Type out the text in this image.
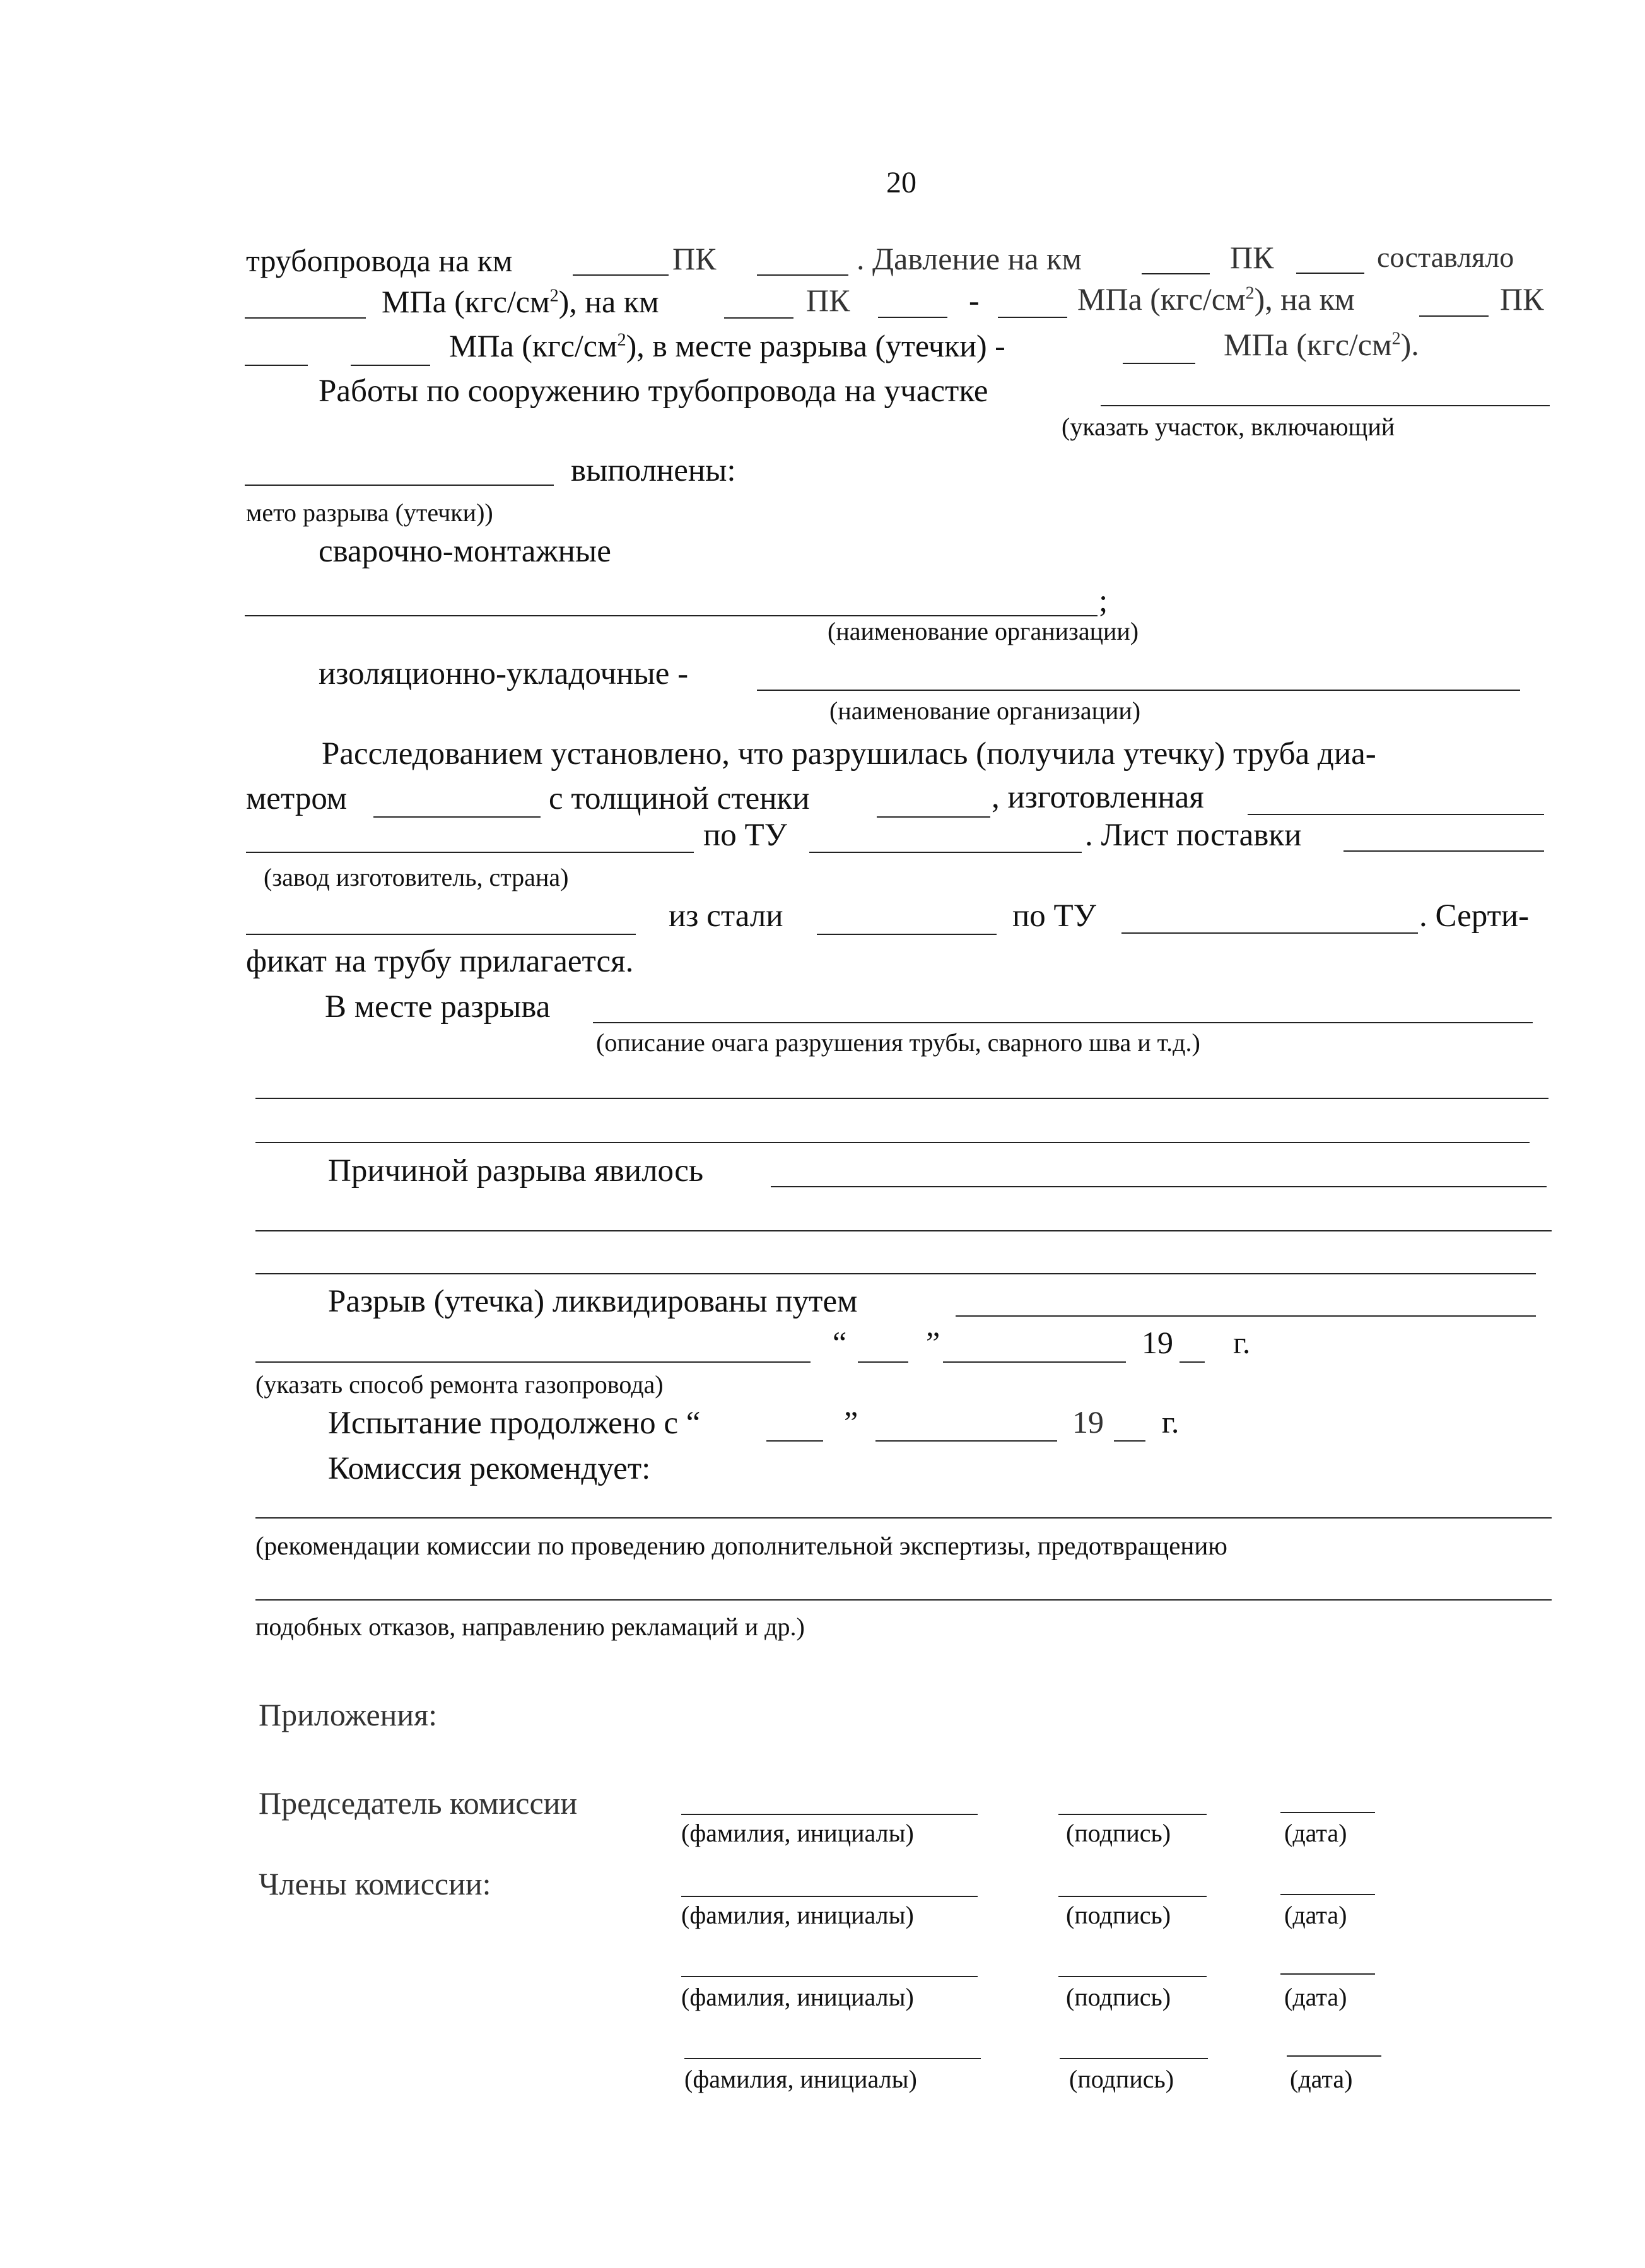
20
трубопровода на км	ПК	. Давление на км	ПК	составляло
МПа $(кгс/см^2)$, на км	ПК	-	МПа $(кгс/см^2)$, на км	ПК
МПа $(кгс/см^2)$, в месте разрыва (утечки) -	МПа $(кгс/см^2)$.
Работы по сооружению трубопровода на участке
(указать участок, включающий
выполнены:
мето разрыва (утечки))
сварочно-монтажные
;
(наименование организации)
изоляционно-укладочные -
(наименование организации)
Расследованием установлено, что разрушилась (получила утечку) труба диа-
метром	с толщиной стенки	, изготовленная
по ТУ	. Лист поставки
(завод изготовитель, страна)
из стали	по ТУ	. Серти-
фикат на трубу прилагается.
В месте разрыва
(описание очага разрушения трубы, сварного шва и т.д.)
Причиной разрыва явилось
Разрыв (утечка) ликвидированы путем
“	”	19 г.
(указать способ ремонта газопровода)
Испытание продолжено с “	”	19 г.
Комиссия рекомендует:
(рекомендации комиссии по проведению дополнительной экспертизы, предотвращению
подобных отказов, направлению рекламаций и др.)
Приложения:
Председатель комиссии
(фамилия, инициалы)	(подпись)	(дата)
Члены комиссии:
(фамилия, инициалы)	(подпись)	(дата)
(фамилия, инициалы)	(подпись)	(дата)
(фамилия, инициалы)	(подпись)	(дата)
